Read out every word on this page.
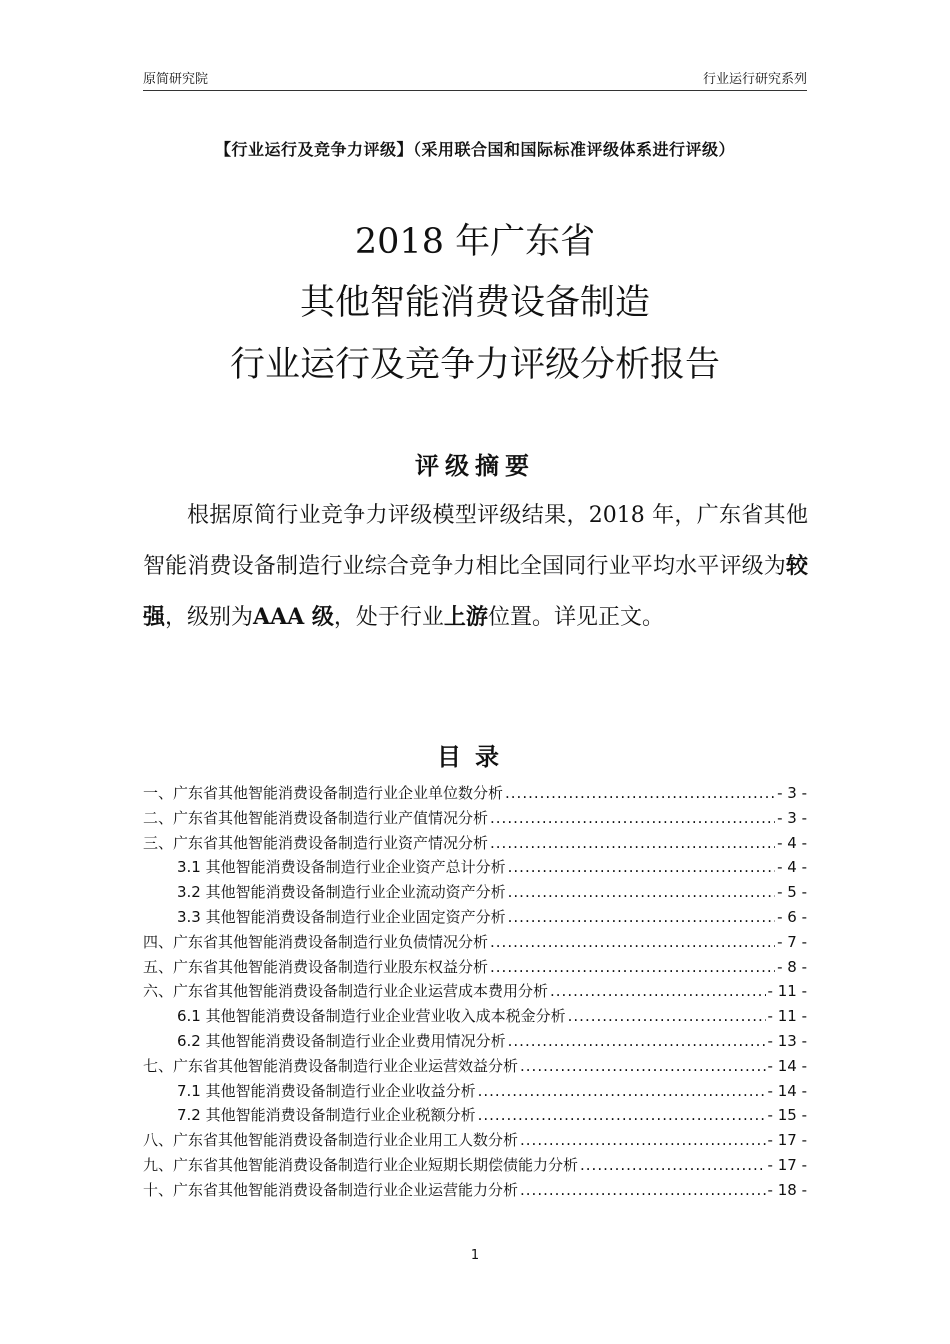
原简研究院	行业运行研究系列
【行业运行及竞争力评级】（采用联合国和国际标准评级体系进行评级）
2018 年广东省
其他智能消费设备制造
行业运行及竞争力评级分析报告
评级摘要
根据原简行业竞争力评级模型评级结果，2018 年，广东省其他智能消费设备制造行业综合竞争力相比全国同行业平均水平评级为较强，级别为AAA 级，处于行业上游位置。详见正文。
目录
一、广东省其他智能消费设备制造行业企业单位数分析 .....	- 3 -
二、广东省其他智能消费设备制造行业产值情况分析 .....	- 3 -
三、广东省其他智能消费设备制造行业资产情况分析 .....	- 4 -
3.1 其他智能消费设备制造行业企业资产总计分析 .....	- 4 -
3.2 其他智能消费设备制造行业企业流动资产分析 .....	- 5 -
3.3 其他智能消费设备制造行业企业固定资产分析 .....	- 6 -
四、广东省其他智能消费设备制造行业负债情况分析 .....	- 7 -
五、广东省其他智能消费设备制造行业股东权益分析 .....	- 8 -
六、广东省其他智能消费设备制造行业企业运营成本费用分析 .....	- 11 -
6.1 其他智能消费设备制造行业企业营业收入成本税金分析 .....	- 11 -
6.2 其他智能消费设备制造行业企业费用情况分析 .....	- 13 -
七、广东省其他智能消费设备制造行业企业运营效益分析 .....	- 14 -
7.1 其他智能消费设备制造行业企业收益分析 .....	- 14 -
7.2 其他智能消费设备制造行业企业税额分析 .....	- 15 -
八、广东省其他智能消费设备制造行业企业用工人数分析 .....	- 17 -
九、广东省其他智能消费设备制造行业企业短期长期偿债能力分析 .....	- 17 -
十、广东省其他智能消费设备制造行业企业运营能力分析 .....	- 18 -
1
